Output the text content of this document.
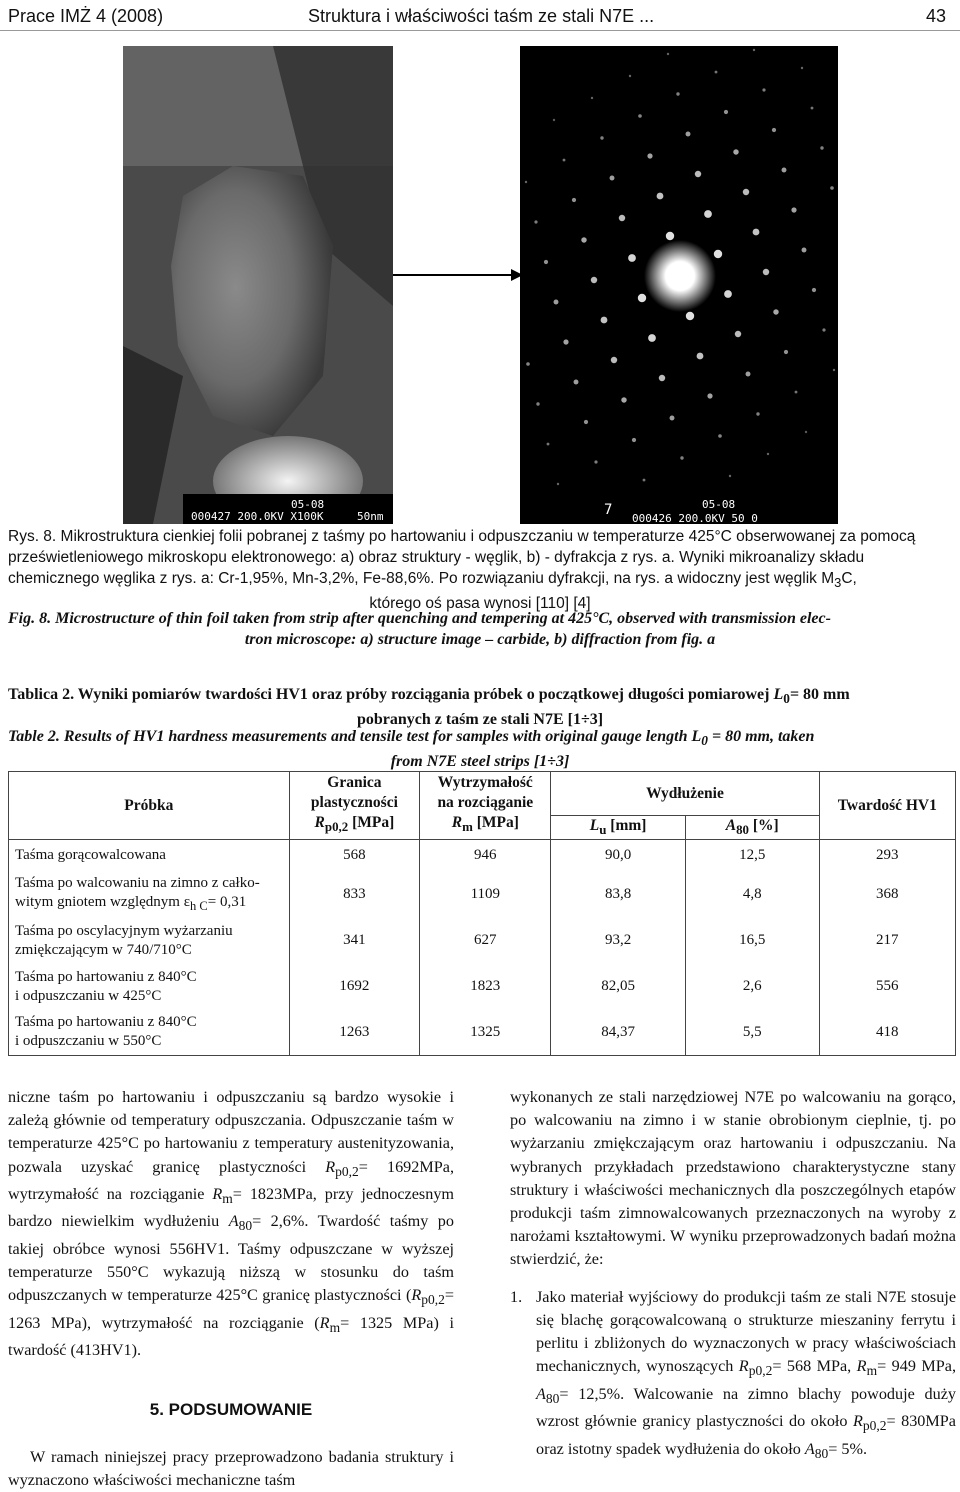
Prace IMŻ 4 (2008)	Struktura i właściwości taśm ze stali N7E ...	43
05-08
000427 200.0KV X100K	50nm	7	05-08
000426 200.0KV 50 0
Rys. 8. Mikrostruktura cienkiej folii pobranej z taśmy po hartowaniu i odpuszczaniu w temperaturze 425°C obserwowanej za pomocą prześwietleniowego mikroskopu elektronowego: a) obraz struktury - węglik, b) - dyfrakcja z rys. a. Wyniki mikroanalizy składu chemicznego węglika z rys. a: Cr-1,95%, Mn-3,2%, Fe-88,6%. Po rozwiązaniu dyfrakcji, na rys. a widoczny jest węglik $M_3C$,
którego oś pasa wynosi [110] [4]
Fig. 8. Microstructure of thin foil taken from strip after quenching and tempering at 425°C, observed with transmission elec-
tron microscope: a) structure image – carbide, b) diffraction from fig. a
Tablica 2. Wyniki pomiarów twardości HV1 oraz próby rozciągania próbek o początkowej długości pomiarowej $L_0= 80$ mm
pobranych z taśm ze stali N7E [1÷3]
Table 2. Results of HV1 hardness measurements and tensile test for samples with original gauge length $L_0 = 80$ mm, taken
from N7E steel strips [1÷3]
Próbka	Granica
plastyczności
$R_{p0,2}$ [MPa]	Wytrzymałość
na rozciąganie
$R_m$ [MPa]	Wydłużenie		Twardość HV1
			$L_u$ [mm]	$A_{80}$ [%]	
Taśma gorącowalcowana	568	946	90,0	12,5	293
Taśma po walcowaniu na zimno z całko-
witym gniotem względnym $\varepsilon_{h C}= 0,31$	833	1109	83,8	4,8	368
Taśma po oscylacyjnym wyżarzaniu
zmiękczającym w 740/710°C	341	627	93,2	16,5	217
Taśma po hartowaniu z 840°C
i odpuszczaniu w 425°C	1692	1823	82,05	2,6	556
Taśma po hartowaniu z 840°C
i odpuszczaniu w 550°C	1263	1325	84,37	5,5	418

niczne taśm po hartowaniu i odpuszczaniu są bardzo wysokie i zależą głównie od temperatury odpuszczania. Odpuszczanie taśm w temperaturze 425°C po hartowaniu z temperatury austenityzowania, pozwala uzyskać granicę plastyczności $R_{p0,2}= 1692MPa$, wytrzymałość na rozciąganie $R_m= 1823MPa$, przy jednoczesnym bardzo niewielkim wydłużeniu $A_{80}= 2,6\%$. Twardość taśmy po takiej obróbce wynosi 556HV1. Taśmy odpuszczane w wyższej temperaturze 550°C wykazują niższą w stosunku do taśm odpuszczanych w temperaturze 425°C granicę plastyczności ($R_{p0,2}= 1263$ MPa), wytrzymałość na rozciąganie ($R_m= 1325$ MPa) i twardość (413HV1).

5. PODSUMOWANIE

W ramach niniejszej pracy przeprowadzono badania struktury i wyznaczono właściwości mechaniczne taśm

wykonanych ze stali narzędziowej N7E po walcowaniu na gorąco, po walcowaniu na zimno i w stanie obrobionym cieplnie, tj. po wyżarzaniu zmiękczającym oraz hartowaniu i odpuszczaniu. Na wybranych przykładach przedstawiono charakterystyczne stany struktury i właściwości mechanicznych dla poszczególnych etapów produkcji taśm zimnowalcowanych przeznaczonych na wyroby z narożami kształtowymi. W wyniku przeprowadzonych badań można stwierdzić, że:

1. Jako materiał wyjściowy do produkcji taśm ze stali N7E stosuje się blachę gorącowalcowaną o strukturze mieszaniny ferrytu i perlitu i zbliżonych do wyznaczonych w pracy właściwościach mechanicznych, wynoszących $R_{p0,2}= 568$ MPa, $R_m= 949$ MPa, $A_{80}= 12,5\%$. Walcowanie na zimno blachy powoduje duży wzrost głównie granicy plastyczności do około $R_{p0,2}= 830MPa$ oraz istotny spadek wydłużenia do około $A_{80}= 5\%$.
